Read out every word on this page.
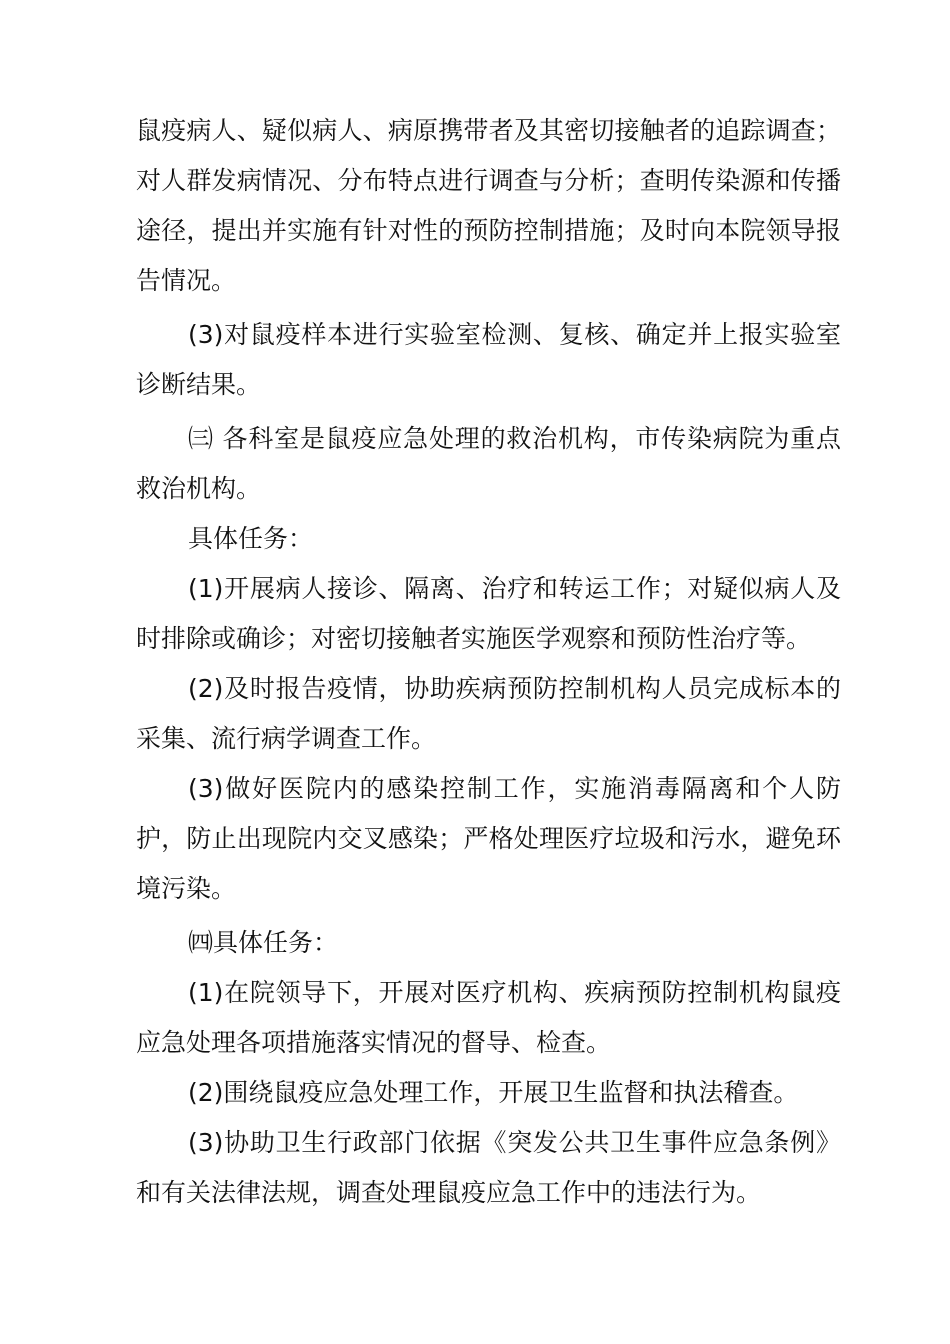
鼠疫病人、疑似病人、病原携带者及其密切接触者的追踪调查；对人群发病情况、分布特点进行调查与分析；查明传染源和传播途径，提出并实施有针对性的预防控制措施；及时向本院领导报告情况。

(3)对鼠疫样本进行实验室检测、复核、确定并上报实验室诊断结果。

㈢ 各科室是鼠疫应急处理的救治机构，市传染病院为重点救治机构。

具体任务：

(1)开展病人接诊、隔离、治疗和转运工作；对疑似病人及时排除或确诊；对密切接触者实施医学观察和预防性治疗等。

(2)及时报告疫情，协助疾病预防控制机构人员完成标本的采集、流行病学调查工作。

(3)做好医院内的感染控制工作，实施消毒隔离和个人防护，防止出现院内交叉感染；严格处理医疗垃圾和污水，避免环境污染。

㈣具体任务：

(1)在院领导下，开展对医疗机构、疾病预防控制机构鼠疫应急处理各项措施落实情况的督导、检查。

(2)围绕鼠疫应急处理工作，开展卫生监督和执法稽查。

(3)协助卫生行政部门依据《突发公共卫生事件应急条例》和有关法律法规，调查处理鼠疫应急工作中的违法行为。
